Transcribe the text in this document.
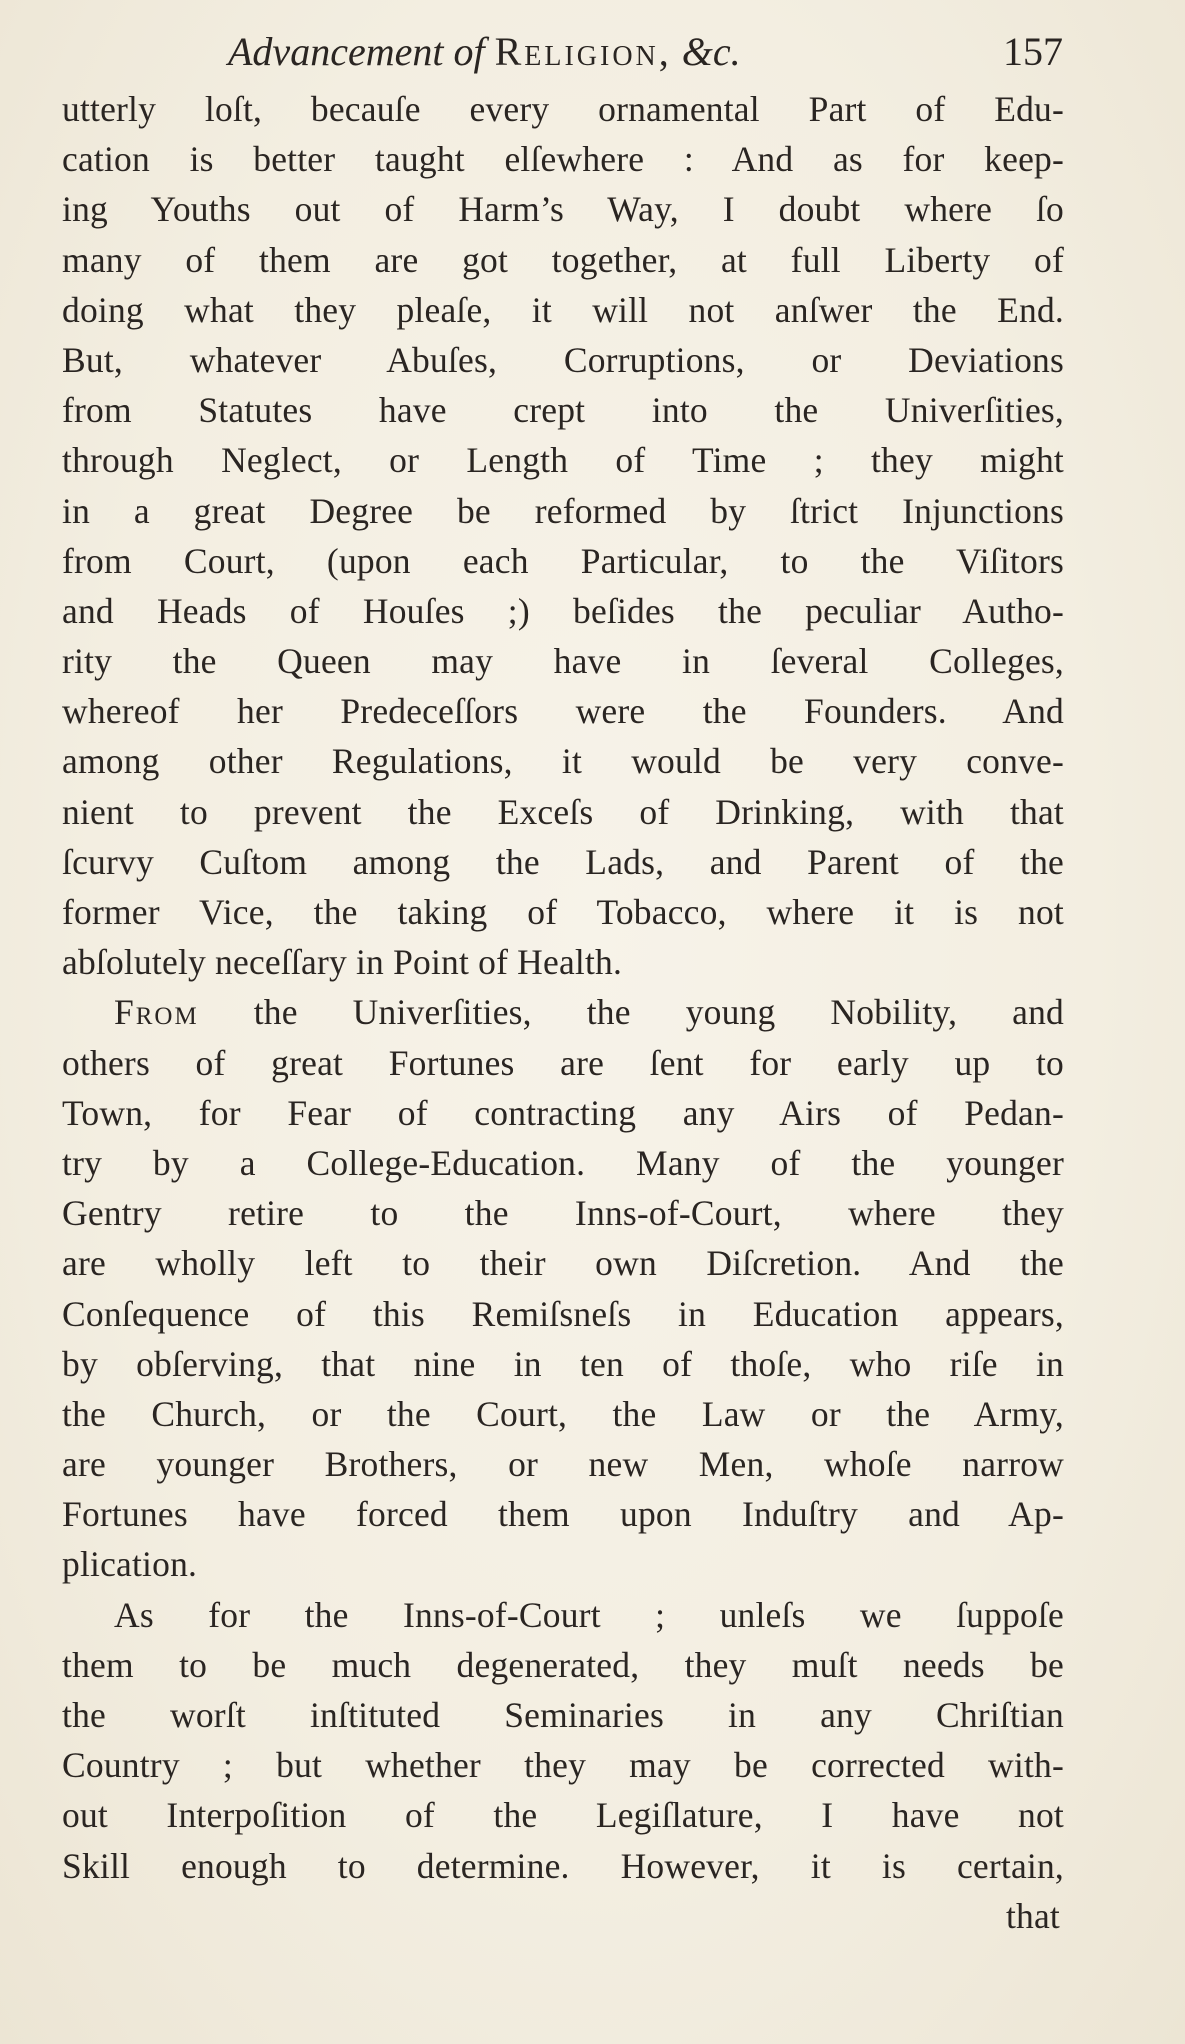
Advancement of Religion, &c.	157
utterly loſt, becauſe every ornamental Part of Edu-
cation is better taught elſewhere : And as for keep-
ing Youths out of Harm’s Way, I doubt where ſo
many of them are got together, at full Liberty of
doing what they pleaſe, it will not anſwer the End.
But, whatever Abuſes, Corruptions, or Deviations
from Statutes have crept into the Univerſities,
through Neglect, or Length of Time ; they might
in a great Degree be reformed by ſtrict Injunctions
from Court, (upon each Particular, to the Viſitors
and Heads of Houſes ;) beſides the peculiar Autho-
rity the Queen may have in ſeveral Colleges,
whereof her Predeceſſors were the Founders. And
among other Regulations, it would be very conve-
nient to prevent the Exceſs of Drinking, with that
ſcurvy Cuſtom among the Lads, and Parent of the
former Vice, the taking of Tobacco, where it is not
abſolutely neceſſary in Point of Health.
From the Univerſities, the young Nobility, and
others of great Fortunes are ſent for early up to
Town, for Fear of contracting any Airs of Pedan-
try by a College-Education. Many of the younger
Gentry retire to the Inns-of-Court, where they
are wholly left to their own Diſcretion. And the
Conſequence of this Remiſsneſs in Education appears,
by obſerving, that nine in ten of thoſe, who riſe in
the Church, or the Court, the Law or the Army,
are younger Brothers, or new Men, whoſe narrow
Fortunes have forced them upon Induſtry and Ap-
plication.
As for the Inns-of-Court ; unleſs we ſuppoſe
them to be much degenerated, they muſt needs be
the worſt inſtituted Seminaries in any Chriſtian
Country ; but whether they may be corrected with-
out Interpoſition of the Legiſlature, I have not
Skill enough to determine. However, it is certain,
that
